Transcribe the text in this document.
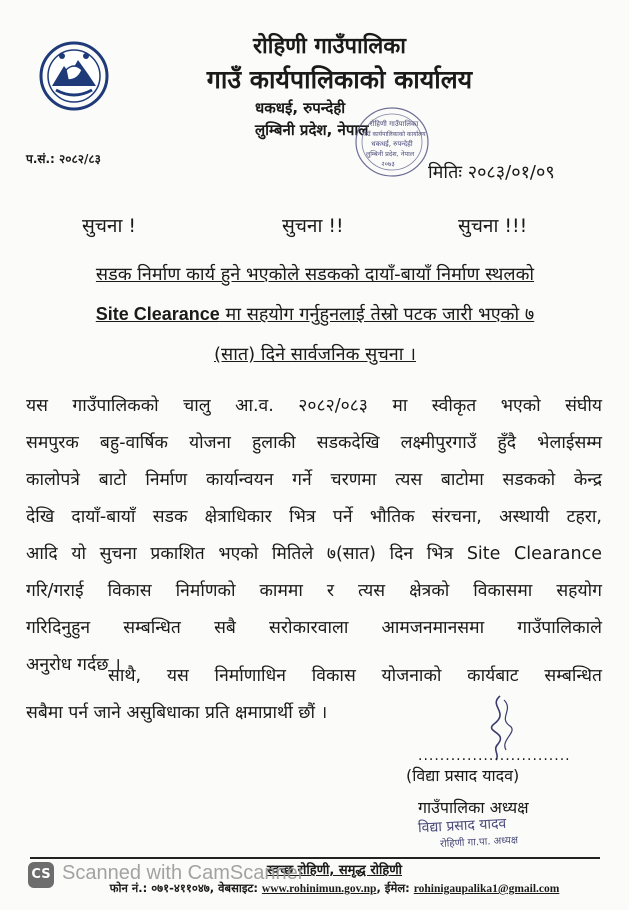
रोहिणी गाउँपालिका
गाउँ कार्यपालिकाको कार्यालय
धकधई, रुपन्देही
लुम्बिनी प्रदेश, नेपाल रोहिणी गाउँपालिका
गाउँ कार्यपालिकाको कार्यालय
धकधई, रुपन्देही
लुम्बिनी प्रदेश, नेपाल
२०७३
प.सं.: २०८२/८३
मितिः २०८३/०१/०९
सुचना !	सुचना !!	सुचना !!!
सडक निर्माण कार्य हुने भएकोले सडकको दायाँ-बायाँ निर्माण स्थलको
Site Clearance मा सहयोग गर्नुहुनलाई तेस्रो पटक जारी भएको ७
(सात) दिने सार्वजनिक सुचना ।
यस गाउँपालिकको चालु आ.व. २०८२/०८३ मा स्वीकृत भएको संघीय
समपुरक बहु-वार्षिक योजना हुलाकी सडकदेखि लक्ष्मीपुरगाउँ हुँदै भेलाईसम्म
कालोपत्रे बाटो निर्माण कार्यान्वयन गर्ने चरणमा त्यस बाटोमा सडकको केन्द्र
देखि दायाँ-बायाँ सडक क्षेत्राधिकार भित्र पर्ने भौतिक संरचना, अस्थायी टहरा,
आदि यो सुचना प्रकाशित भएको मितिले ७(सात) दिन भित्र Site Clearance
गरि/गराई विकास निर्माणको काममा र त्यस क्षेत्रको विकासमा सहयोग
गरिदिनुहुन सम्बन्धित सबै सरोकारवाला आमजनमानसमा गाउँपालिकाले
अनुरोध गर्दछ ।
साथै, यस निर्माणाधिन विकास योजनाको कार्यबाट सम्बन्धित
सबैमा पर्न जाने असुबिधाका प्रति क्षमाप्रार्थी छौं ।
............................
(विद्या प्रसाद यादव)
गाउँपालिका अध्यक्ष
विद्या प्रसाद यादव
रोहिणी गा.पा. अध्यक्ष
स्वच्छ रोहिणी, समृद्ध रोहिणी
फोन नं.: ०७१-४११०४७, वेबसाइट: www.rohinimun.gov.np, ईमेल: rohinigaupalika1@gmail.com
CS Scanned with CamScanner
